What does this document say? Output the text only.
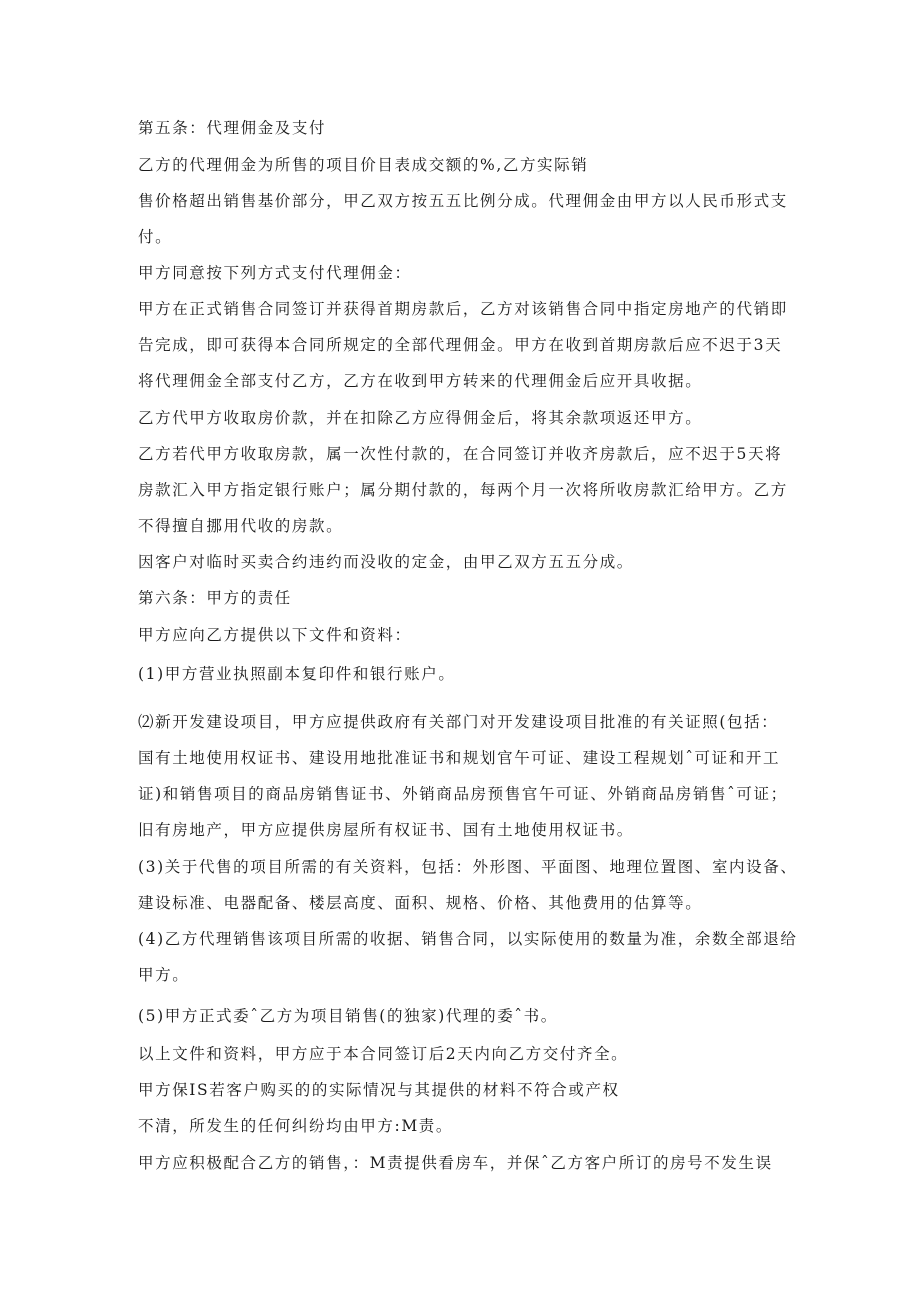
第五条：代理佣金及支付
乙方的代理佣金为所售的项目价目表成交额的%,乙方实际销
售价格超出销售基价部分，甲乙双方按五五比例分成。代理佣金由甲方以人民币形式支
付。
甲方同意按下列方式支付代理佣金：
甲方在正式销售合同签订并获得首期房款后，乙方对该销售合同中指定房地产的代销即
告完成，即可获得本合同所规定的全部代理佣金。甲方在收到首期房款后应不迟于3天
将代理佣金全部支付乙方，乙方在收到甲方转来的代理佣金后应开具收据。
乙方代甲方收取房价款，并在扣除乙方应得佣金后，将其余款项返还甲方。
乙方若代甲方收取房款，属一次性付款的，在合同签订并收齐房款后，应不迟于5天将
房款汇入甲方指定银行账户；属分期付款的，每两个月一次将所收房款汇给甲方。乙方
不得擅自挪用代收的房款。
因客户对临时买卖合约违约而没收的定金，由甲乙双方五五分成。
第六条：甲方的责任
甲方应向乙方提供以下文件和资料：
(1)甲方营业执照副本复印件和银行账户。
⑵新开发建设项目，甲方应提供政府有关部门对开发建设项目批准的有关证照(包括：
国有土地使用权证书、建设用地批准证书和规划官午可证、建设工程规划ˆ可证和开工
证)和销售项目的商品房销售证书、外销商品房预售官午可证、外销商品房销售ˆ可证；
旧有房地产，甲方应提供房屋所有权证书、国有土地使用权证书。
(3)关于代售的项目所需的有关资料，包括：外形图、平面图、地理位置图、室内设备、
建设标准、电器配备、楼层高度、面积、规格、价格、其他费用的估算等。
(4)乙方代理销售该项目所需的收据、销售合同，以实际使用的数量为准，余数全部退给
甲方。
(5)甲方正式委ˆ乙方为项目销售(的独家)代理的委ˆ书。
以上文件和资料，甲方应于本合同签订后2天内向乙方交付齐全。
甲方保IS若客户购买的的实际情况与其提供的材料不符合或产权
不清，所发生的任何纠纷均由甲方:M责。
甲方应积极配合乙方的销售，：M责提供看房车，并保ˆ乙方客户所订的房号不发生误
